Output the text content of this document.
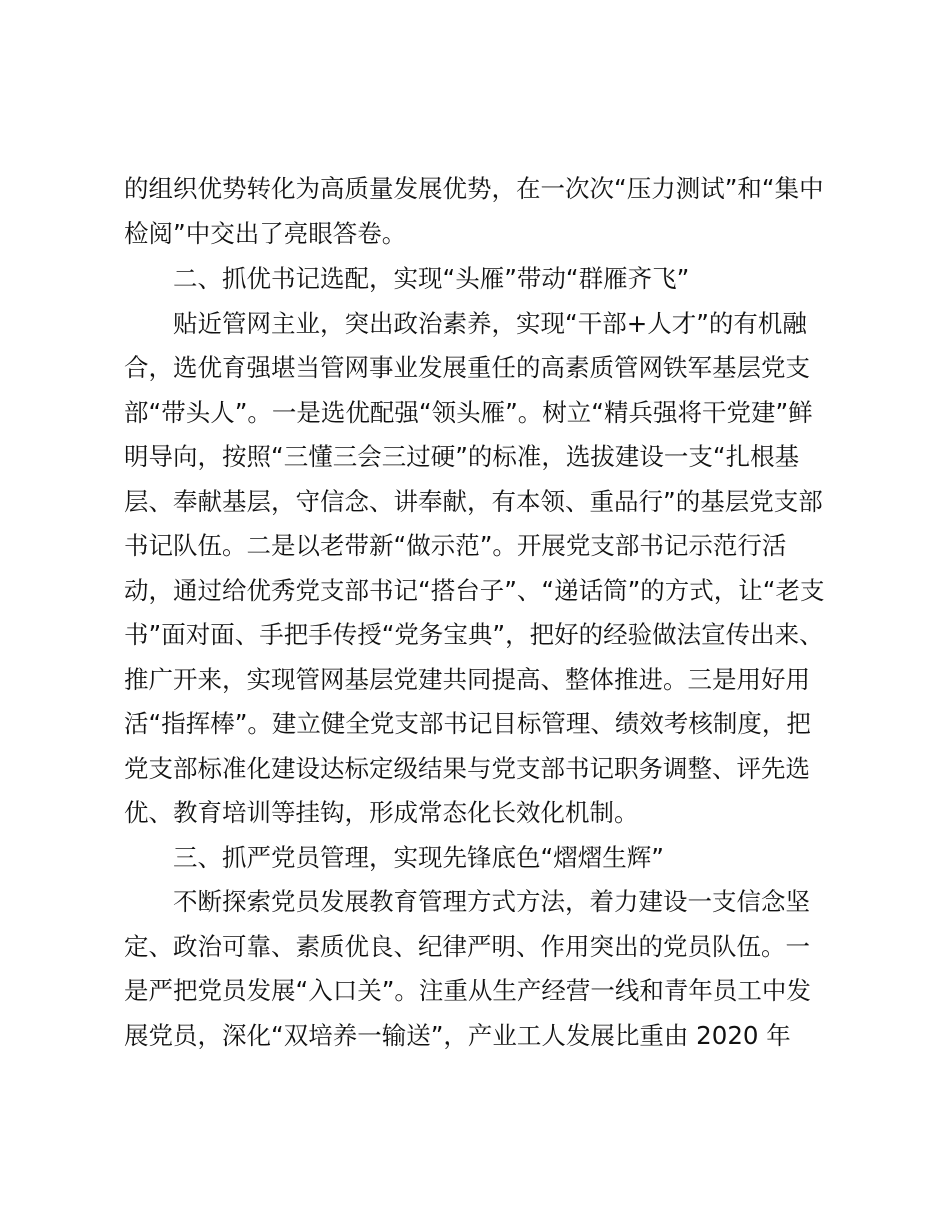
的组织优势转化为高质量发展优势，在一次次“压力测试”和“集中
检阅”中交出了亮眼答卷。
二、抓优书记选配，实现“头雁”带动“群雁齐飞”
贴近管网主业，突出政治素养，实现“干部+人才”的有机融
合，选优育强堪当管网事业发展重任的高素质管网铁军基层党支
部“带头人”。一是选优配强“领头雁”。树立“精兵强将干党建”鲜
明导向，按照“三懂三会三过硬”的标准，选拔建设一支“扎根基
层、奉献基层，守信念、讲奉献，有本领、重品行”的基层党支部
书记队伍。二是以老带新“做示范”。开展党支部书记示范行活
动，通过给优秀党支部书记“搭台子”、“递话筒”的方式，让“老支
书”面对面、手把手传授“党务宝典”，把好的经验做法宣传出来、
推广开来，实现管网基层党建共同提高、整体推进。三是用好用
活“指挥棒”。建立健全党支部书记目标管理、绩效考核制度，把
党支部标准化建设达标定级结果与党支部书记职务调整、评先选
优、教育培训等挂钩，形成常态化长效化机制。
三、抓严党员管理，实现先锋底色“熠熠生辉”
不断探索党员发展教育管理方式方法，着力建设一支信念坚
定、政治可靠、素质优良、纪律严明、作用突出的党员队伍。一
是严把党员发展“入口关”。注重从生产经营一线和青年员工中发
展党员，深化“双培养一输送”，产业工人发展比重由 2020 年
